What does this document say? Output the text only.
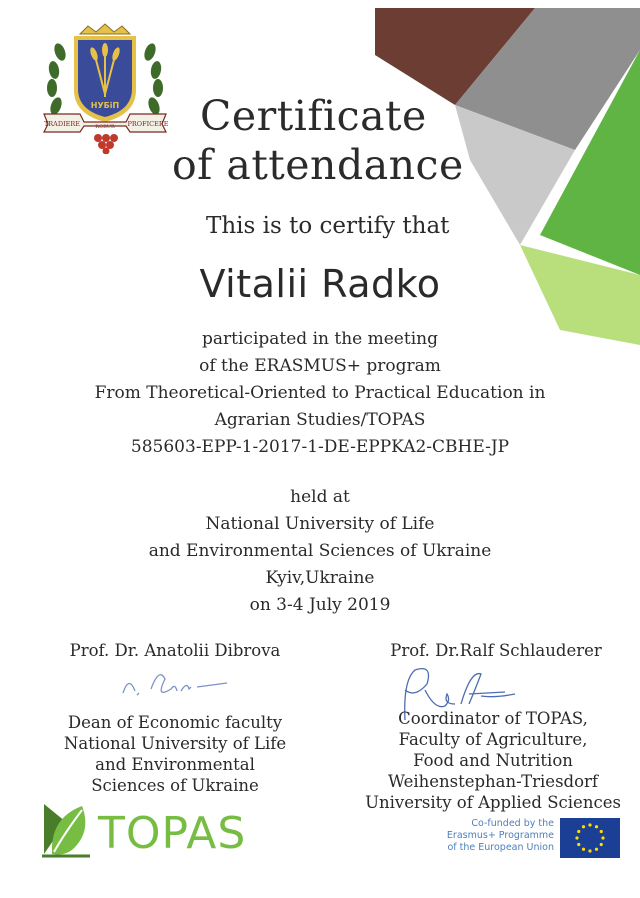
НУБіП
TRADIERE	ROBUR PROFICERE Certificate
of attendance
This is to certify that
Vitalii Radko
participated in the meeting
of the ERASMUS+ program
From Theoretical-Oriented to Practical Education in
Agrarian Studies/TOPAS
585603-EPP-1-2017-1-DE-EPPKA2-CBHE-JP
held at
National University of Life
and Environmental Sciences of Ukraine
Kyiv,Ukraine
on 3-4 July 2019
Prof. Dr. Anatolii Dibrova
Dean of Economic faculty
National University of Life
and Environmental
Sciences of Ukraine
Prof. Dr.Ralf Schlauderer
Coordinator of TOPAS,
Faculty of Agriculture,
Food and Nutrition
Weihenstephan-Triesdorf
University of Applied Sciences
TOPAS	Co-funded by the
Erasmus+ Programme
of the European Union
